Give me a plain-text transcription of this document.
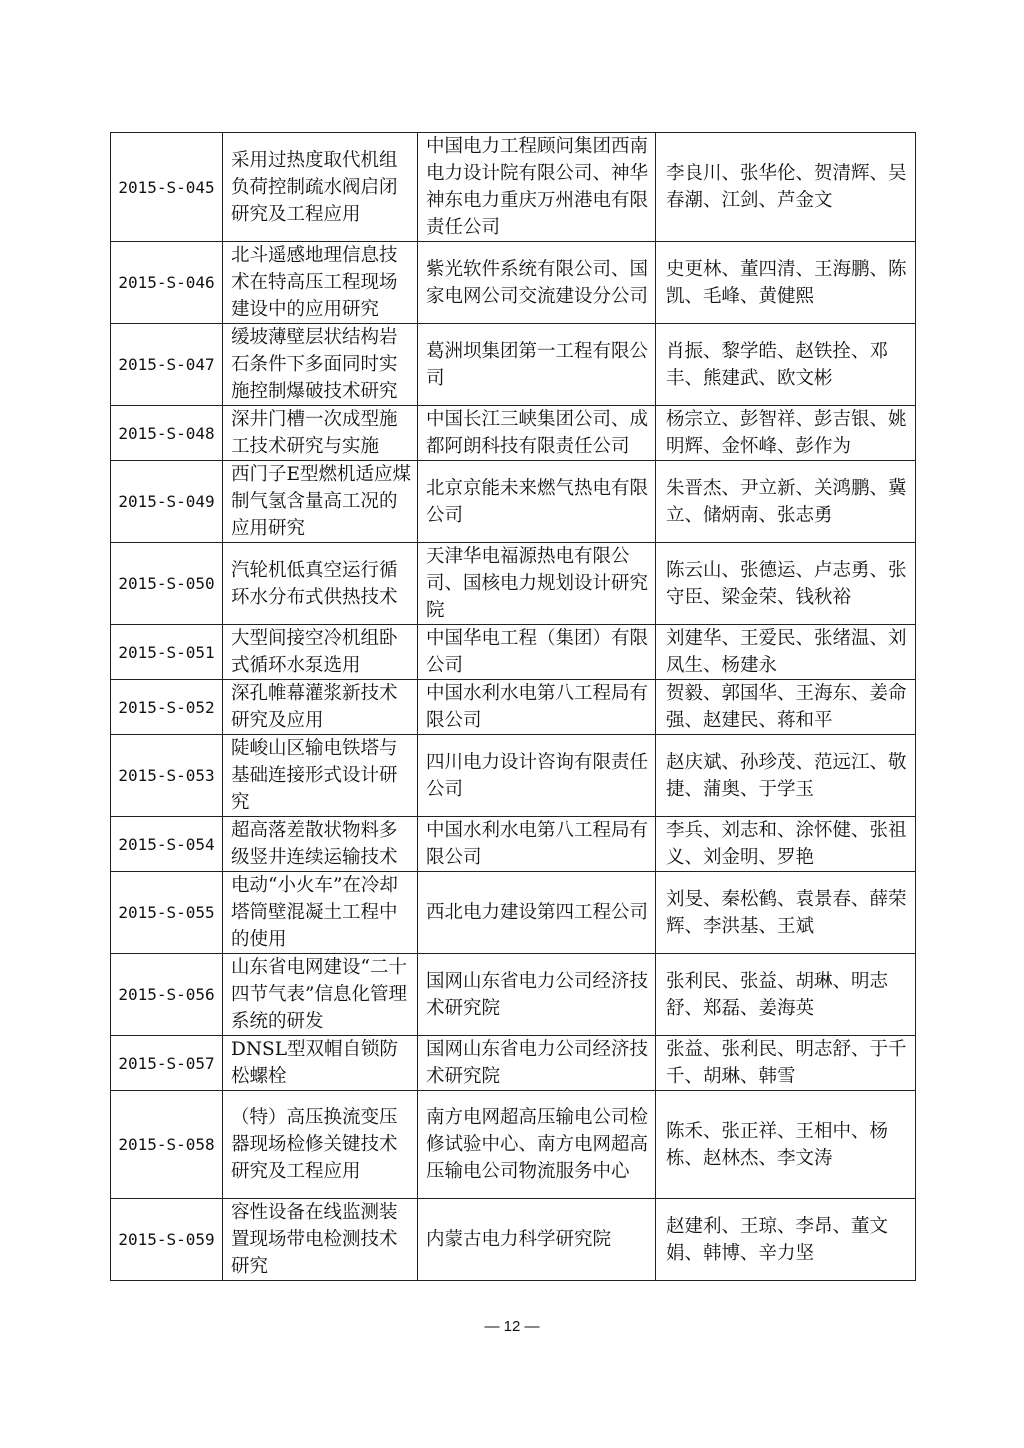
2015-S-045	采用过热度取代机组负荷控制疏水阀启闭研究及工程应用	中国电力工程顾问集团西南电力设计院有限公司、神华神东电力重庆万州港电有限责任公司	李良川、张华伦、贺清辉、吴春潮、江剑、芦金文
2015-S-046	北斗遥感地理信息技术在特高压工程现场建设中的应用研究	紫光软件系统有限公司、国家电网公司交流建设分公司	史更林、董四清、王海鹏、陈凯、毛峰、黄健熙
2015-S-047	缓坡薄壁层状结构岩石条件下多面同时实施控制爆破技术研究	葛洲坝集团第一工程有限公司	肖振、黎学皓、赵铁拴、邓丰、熊建武、欧文彬
2015-S-048	深井门槽一次成型施工技术研究与实施	中国长江三峡集团公司、成都阿朗科技有限责任公司	杨宗立、彭智祥、彭吉银、姚明辉、金怀峰、彭作为
2015-S-049	西门子E型燃机适应煤制气氢含量高工况的应用研究	北京京能未来燃气热电有限公司	朱晋杰、尹立新、关鸿鹏、冀立、储炳南、张志勇
2015-S-050	汽轮机低真空运行循环水分布式供热技术	天津华电福源热电有限公司、国核电力规划设计研究院	陈云山、张德运、卢志勇、张守臣、梁金荣、钱秋裕
2015-S-051	大型间接空冷机组卧式循环水泵选用	中国华电工程（集团）有限公司	刘建华、王爱民、张绪温、刘凤生、杨建永
2015-S-052	深孔帷幕灌浆新技术研究及应用	中国水利水电第八工程局有限公司	贺毅、郭国华、王海东、姜命强、赵建民、蒋和平
2015-S-053	陡峻山区输电铁塔与基础连接形式设计研究	四川电力设计咨询有限责任公司	赵庆斌、孙珍茂、范远江、敬捷、蒲奥、于学玉
2015-S-054	超高落差散状物料多级竖井连续运输技术	中国水利水电第八工程局有限公司	李兵、刘志和、涂怀健、张祖义、刘金明、罗艳
2015-S-055	电动“小火车”在冷却塔筒壁混凝土工程中的使用	西北电力建设第四工程公司	刘旻、秦松鹤、袁景春、薛荣辉、李洪基、王斌
2015-S-056	山东省电网建设“二十四节气表”信息化管理系统的研发	国网山东省电力公司经济技术研究院	张利民、张益、胡琳、明志舒、郑磊、姜海英
2015-S-057	DNSL型双帽自锁防松螺栓	国网山东省电力公司经济技术研究院	张益、张利民、明志舒、于千千、胡琳、韩雪
2015-S-058	（特）高压换流变压器现场检修关键技术研究及工程应用	南方电网超高压输电公司检修试验中心、南方电网超高压输电公司物流服务中心	陈禾、张正祥、王相中、杨栋、赵林杰、李文涛
2015-S-059	容性设备在线监测装置现场带电检测技术研究	内蒙古电力科学研究院	赵建利、王琼、李昂、董文娟、韩博、辛力坚
— 12 —
